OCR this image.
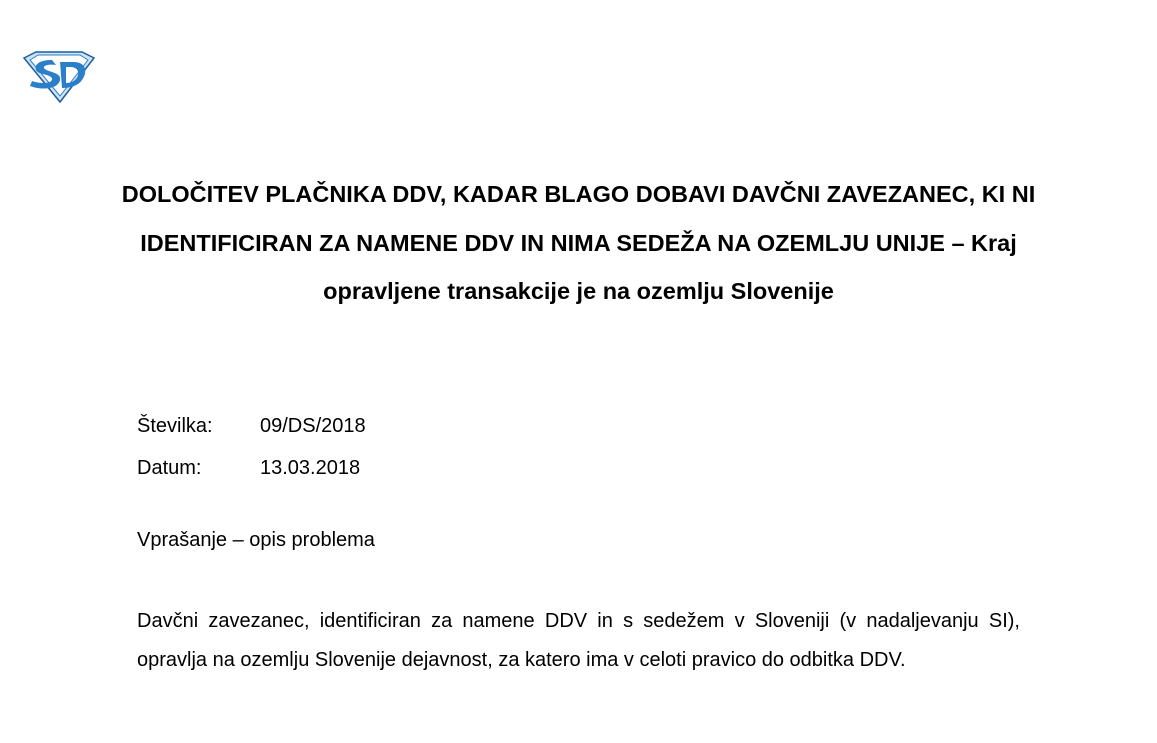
DOLOČITEV PLAČNIKA DDV, KADAR BLAGO DOBAVI DAVČNI ZAVEZANEC, KI NI IDENTIFICIRAN ZA NAMENE DDV IN NIMA SEDEŽA NA OZEMLJU UNIJE – Kraj opravljene transakcije je na ozemlju Slovenije
Številka:	09/DS/2018
Datum:	13.03.2018
Vprašanje – opis problema

Davčni zavezanec, identificiran za namene DDV in s sedežem v Sloveniji (v nadaljevanju SI), opravlja na ozemlju Slovenije dejavnost, za katero ima v celoti pravico do odbitka DDV.
